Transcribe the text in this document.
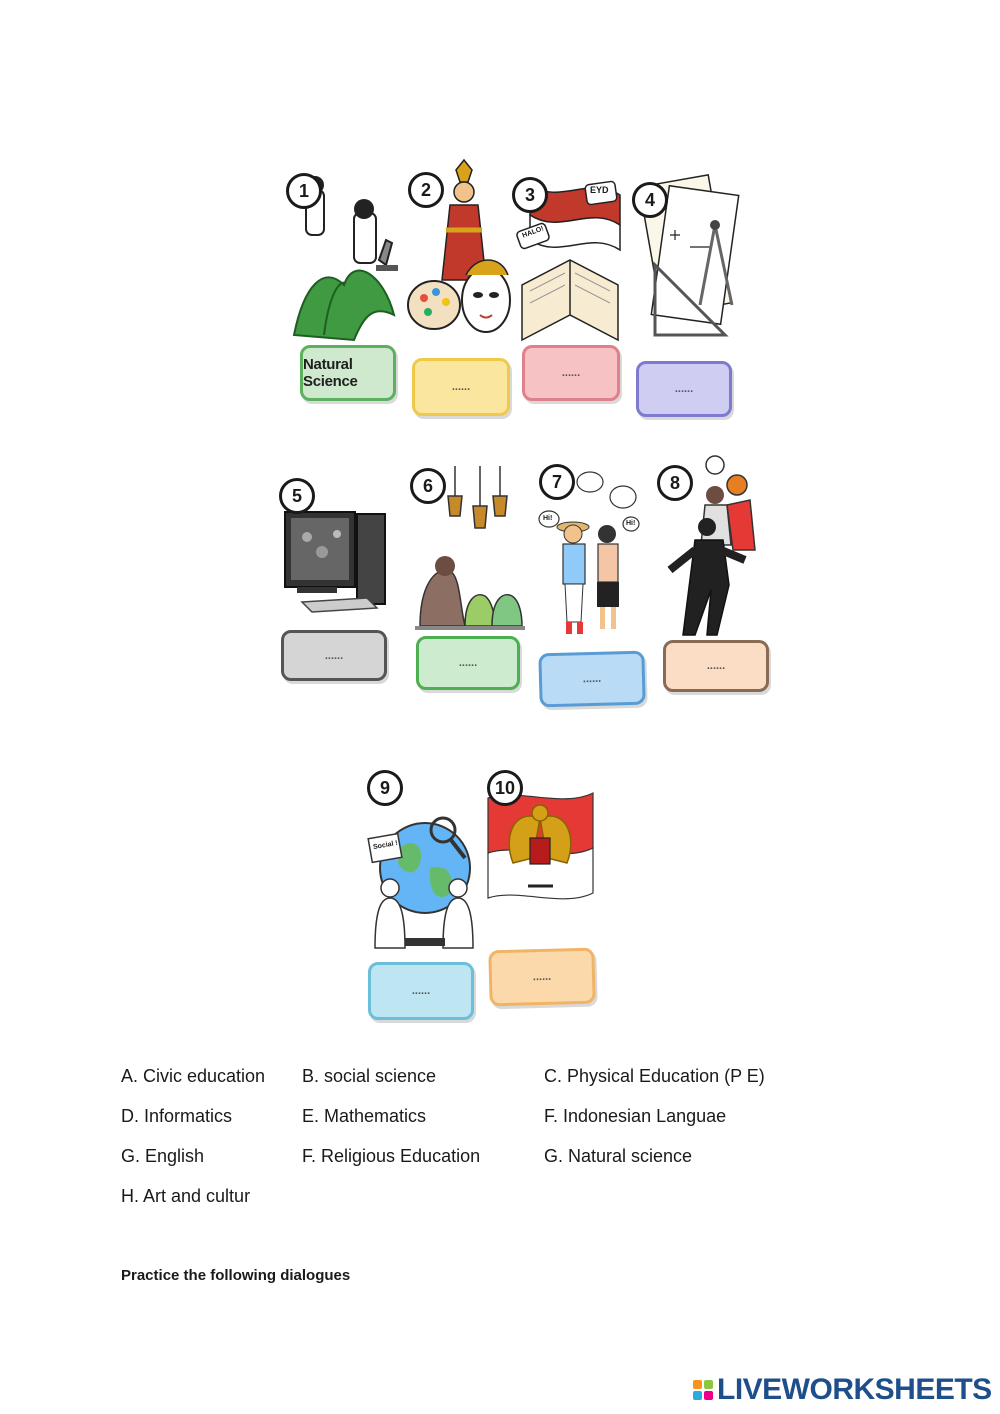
1
Natural Science
2
......
EYD
HALO!
3
......
4
......
5
......
6
......
Hi!
Hi!
7
......
8
......
Social !
9
......
10
......
A. Civic education B. social science	C. Physical Education (P E)
D. Informatics	E. Mathematics	F. Indonesian Languae
G. English	F. Religious Education	G. Natural science
H. Art and cultur
Practice the following dialogues
LIVEWORKSHEETS
